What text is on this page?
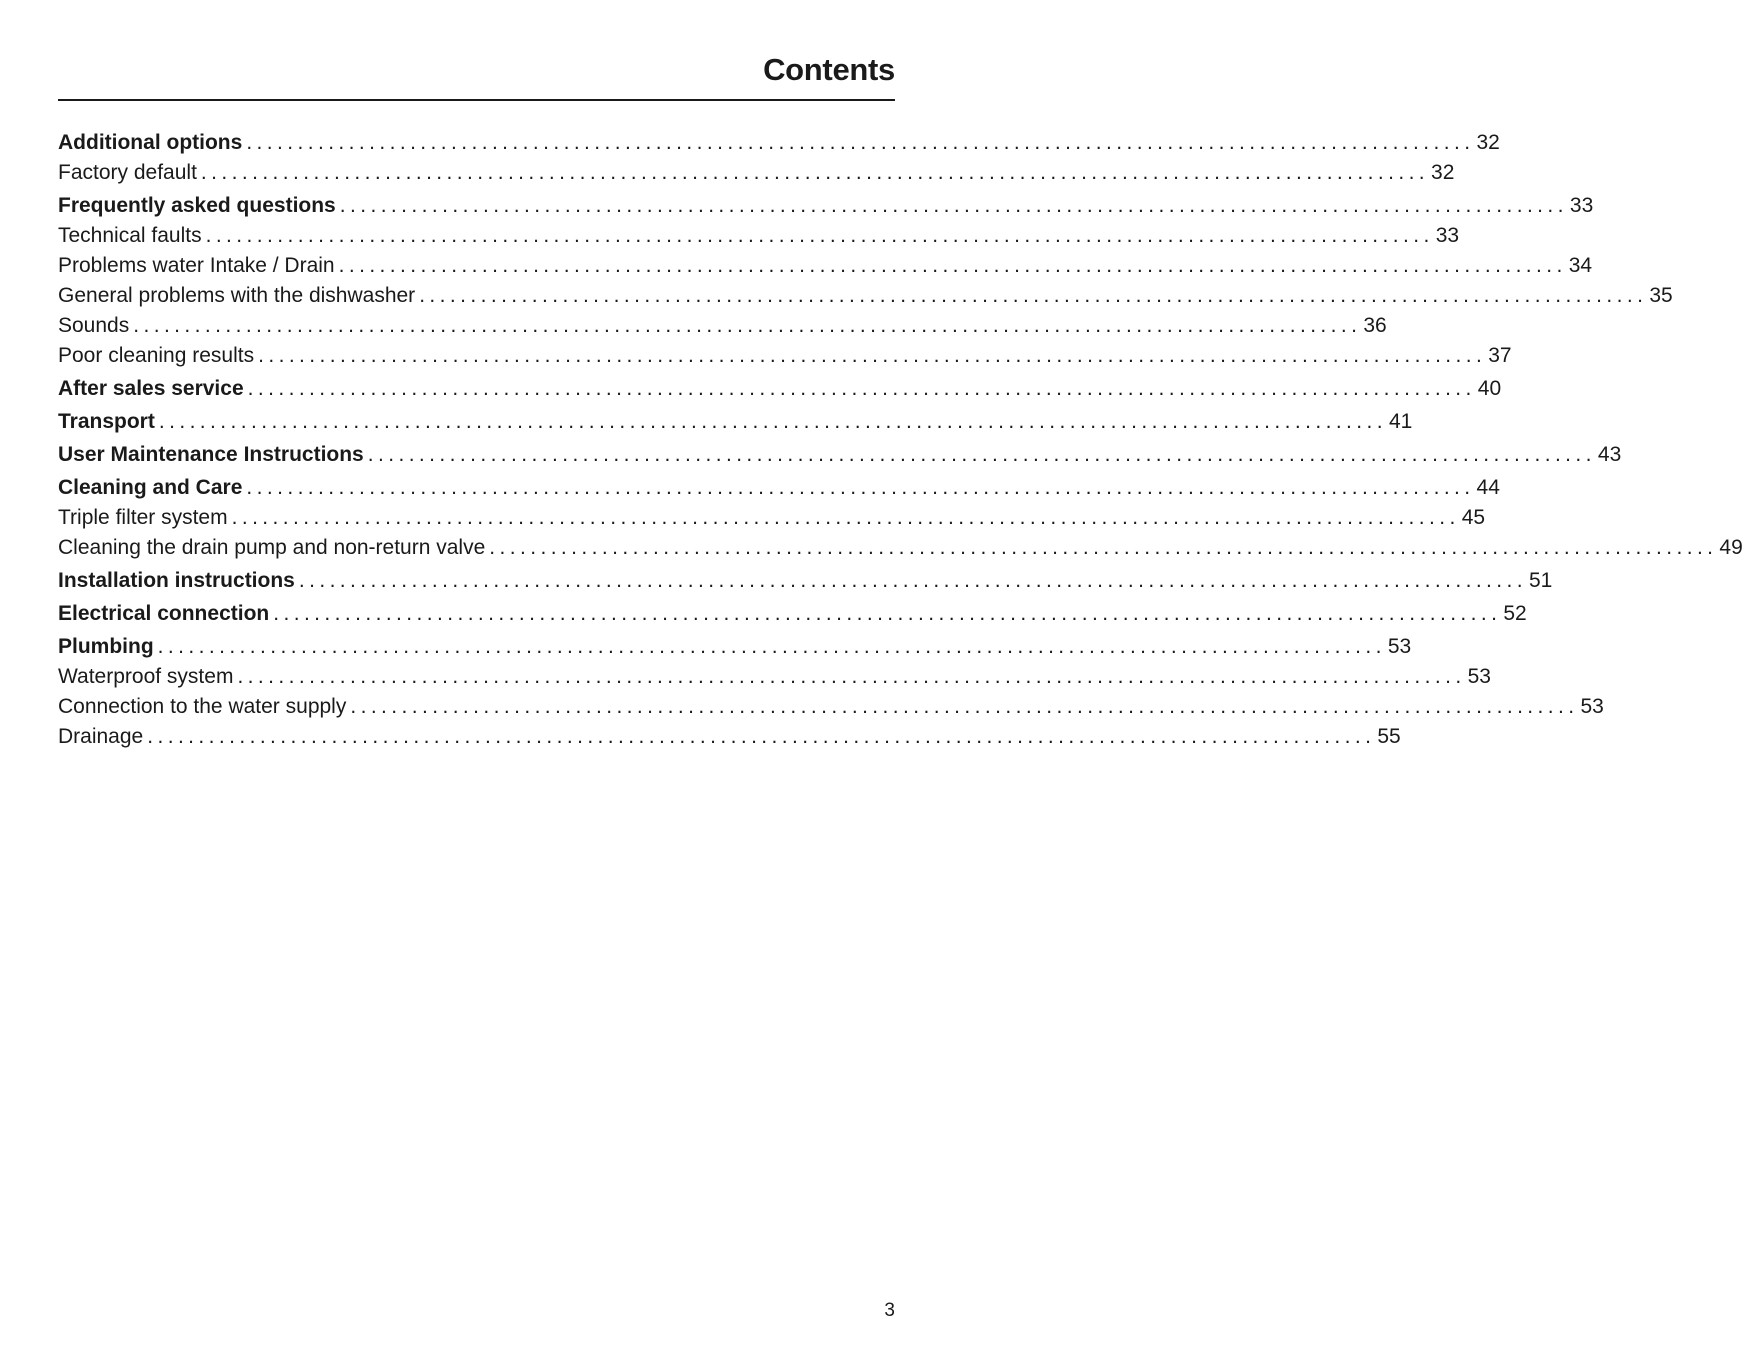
Contents
Additional options ........................................................................................................................ 32
Factory default ........................................................................................................................ 32
Frequently asked questions ........................................................................................................................ 33
Technical faults ........................................................................................................................ 33
Problems water Intake / Drain ........................................................................................................................ 34
General problems with the dishwasher ........................................................................................................................ 35
Sounds ........................................................................................................................ 36
Poor cleaning results ........................................................................................................................ 37
After sales service ........................................................................................................................ 40
Transport ........................................................................................................................ 41
User Maintenance Instructions ........................................................................................................................ 43
Cleaning and Care ........................................................................................................................ 44
Triple filter system ........................................................................................................................ 45
Cleaning the drain pump and non-return valve ........................................................................................................................ 49
Installation instructions ........................................................................................................................ 51
Electrical connection ........................................................................................................................ 52
Plumbing ........................................................................................................................ 53
Waterproof system ........................................................................................................................ 53
Connection to the water supply ........................................................................................................................ 53
Drainage ........................................................................................................................ 55
3
